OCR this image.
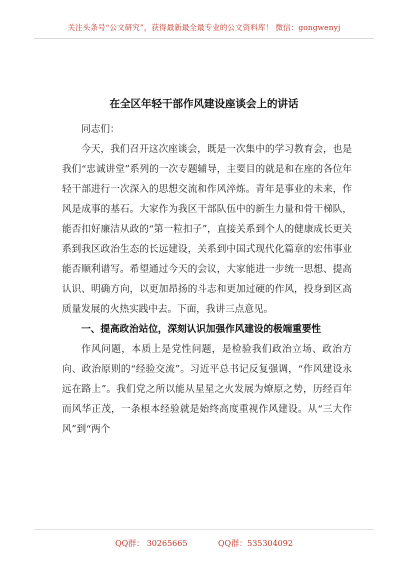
关注头条号“公文研究”，获得最新最全最专业的公文资料库！ 微信：gongwenyj
在全区年轻干部作风建设座谈会上的讲话

同志们：

今天，我们召开这次座谈会，既是一次集中的学习教育会，也是我们“忠诚讲堂”系列的一次专题辅导，主要目的就是和在座的各位年轻干部进行一次深入的思想交流和作风淬炼。青年是事业的未来，作风是成事的基石。大家作为我区干部队伍中的新生力量和骨干梯队，能否扣好廉洁从政的“第一粒扣子”，直接关系到个人的健康成长更关系到我区政治生态的长远建设，关系到中国式现代化篇章的宏伟事业能否顺利谱写。希望通过今天的会议，大家能进一步统一思想、提高认识、明确方向，以更加昂扬的斗志和更加过硬的作风，投身到区高质量发展的火热实践中去。下面，我讲三点意见。

一、提高政治站位，深刻认识加强作风建设的极端重要性

作风问题，本质上是党性问题，是检验我们政治立场、政治方向、政治原则的“经验交流”。习近平总书记反复强调，“作风建设永远在路上”。我们党之所以能从星星之火发展为燎原之势，历经百年而风华正茂，一条根本经验就是始终高度重视作风建设。从“三大作风”到“两个

QQ群： 30265665	QQ群：535304092
